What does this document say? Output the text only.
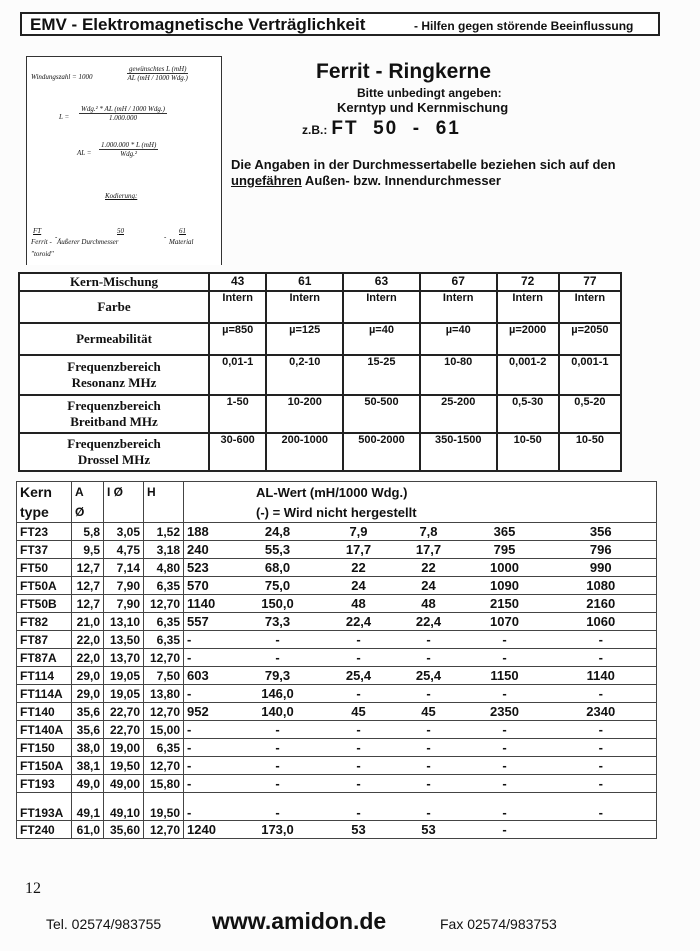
EMV - Elektromagnetische Verträglichkeit	- Hilfen gegen störende Beeinflussung
Windungszahl = 1000
gewünschtes L (mH)
AL (mH / 1000 Wdg.)
L =
Wdg.² * AL (mH / 1000 Wdg.)
1.000.000
AL =
1.000.000 * L (mH)
Wdg.²
Kodierung:
FT
Ferrit -
"toroid"
-
50
Äußerer Durchmesser
-
61
Material
Ferrit - Ringkerne
Bitte unbedingt angeben:
Kerntyp und Kernmischung
z.B.: FT  50  -  61
Die Angaben in der Durchmessertabelle beziehen sich auf den
ungefähren Außen- bzw. Innendurchmesser
Kern-Mischung	43	61	63	67	72	77

Farbe	Intern	Intern	Intern	Intern	Intern	Intern

Permeabilität	µ=850	µ=125	µ=40	µ=40	µ=2000	µ=2050

Frequenzbereich
Resonanz MHz	0,01-1	0,2-10	15-25	10-80	0,001-2	0,001-1

Frequenzbereich
Breitband MHz	1-50	10-200	50-500	25-200	0,5-30	0,5-20

Frequenzbereich
Drossel MHz	30-600	200-1000	500-2000	350-1500	10-50	10-50
Kern	A	I Ø	H	AL-Wert (mH/1000 Wdg.)					
type	Ø			(-) = Wird nicht hergestellt					
FT23	5,8	3,05	1,52	188	24,8	7,9	7,8	365	356
FT37	9,5	4,75	3,18	240	55,3	17,7	17,7	795	796
FT50	12,7	7,14	4,80	523	68,0	22	22	1000	990
FT50A	12,7	7,90	6,35	570	75,0	24	24	1090	1080
FT50B	12,7	7,90	12,70	1140	150,0	48	48	2150	2160
FT82	21,0	13,10	6,35	557	73,3	22,4	22,4	1070	1060
FT87	22,0	13,50	6,35	-	-	-	-	-	-
FT87A	22,0	13,70	12,70	-	-	-	-	-	-
FT114	29,0	19,05	7,50	603	79,3	25,4	25,4	1150	1140
FT114A	29,0	19,05	13,80	-	146,0	-	-	-	-
FT140	35,6	22,70	12,70	952	140,0	45	45	2350	2340
FT140A	35,6	22,70	15,00	-	-	-	-	-	-
FT150	38,0	19,00	6,35	-	-	-	-	-	-
FT150A	38,1	19,50	12,70	-	-	-	-	-	-
FT193	49,0	49,00	15,80	-	-	-	-	-	-
FT193A	49,1	49,10	19,50	-	-	-	-	-	-
FT240	61,0	35,60	12,70	1240	173,0	53	53	-	
12
Tel. 02574/983755 www.amidon.de	Fax 02574/983753
